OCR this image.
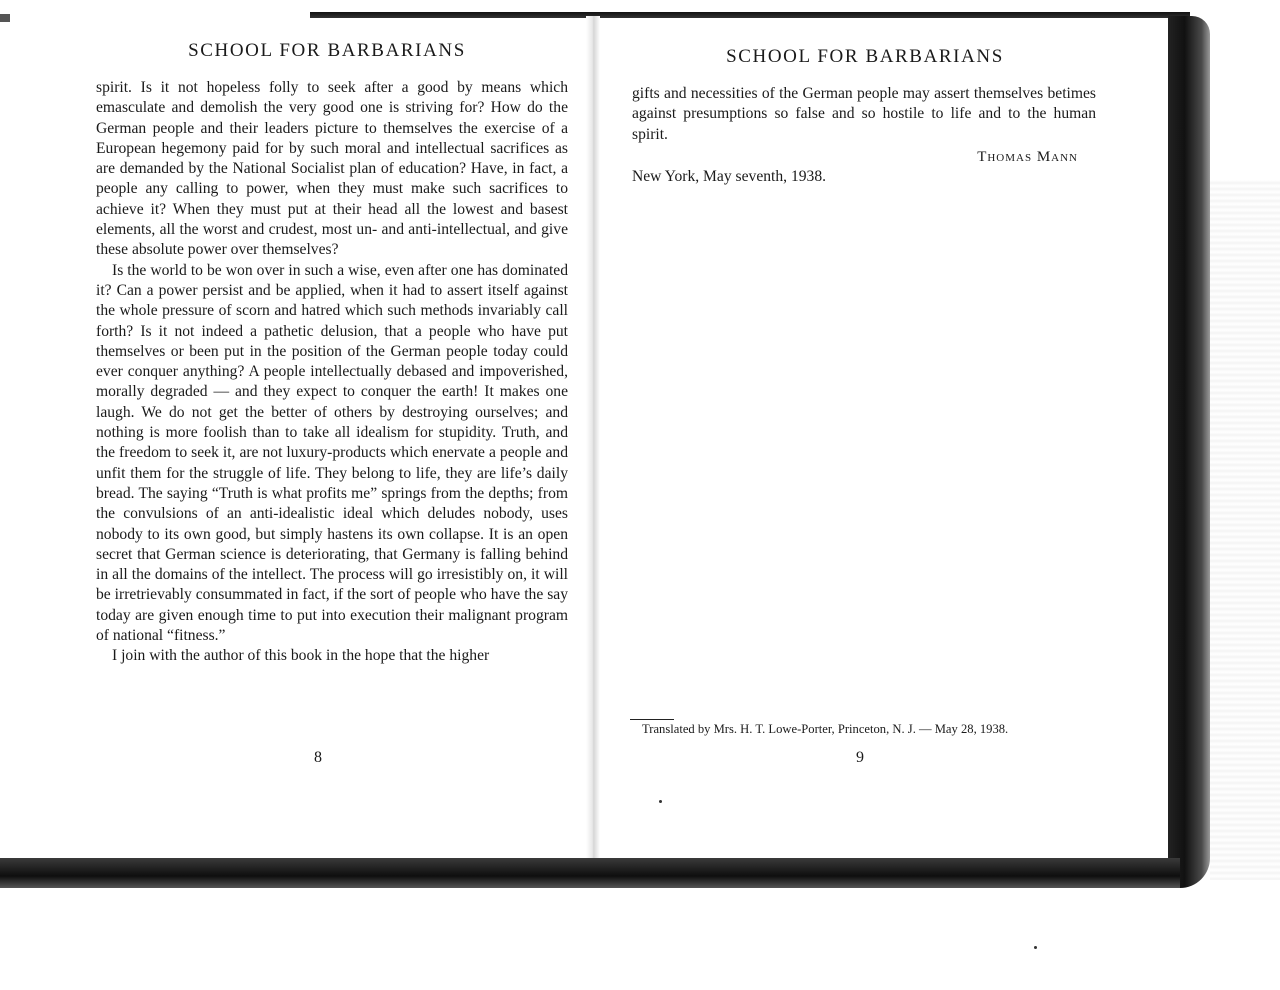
SCHOOL FOR BARBARIANS

spirit. Is it not hopeless folly to seek after a good by means which emasculate and demolish the very good one is striving for? How do the German people and their leaders picture to themselves the exercise of a European hegemony paid for by such moral and intellectual sacrifices as are demanded by the National Socialist plan of education? Have, in fact, a people any calling to power, when they must make such sacrifices to achieve it? When they must put at their head all the lowest and basest elements, all the worst and crudest, most un- and anti-intellectual, and give these absolute power over themselves?

Is the world to be won over in such a wise, even after one has dominated it? Can a power persist and be applied, when it had to assert itself against the whole pressure of scorn and hatred which such methods invariably call forth? Is it not indeed a pathetic delusion, that a people who have put themselves or been put in the position of the German people today could ever conquer anything? A people intellectually debased and impoverished, morally degraded — and they expect to conquer the earth! It makes one laugh. We do not get the better of others by destroying ourselves; and nothing is more foolish than to take all idealism for stupidity. Truth, and the freedom to seek it, are not luxury-products which enervate a people and unfit them for the struggle of life. They belong to life, they are life’s daily bread. The saying “Truth is what profits me” springs from the depths; from the convulsions of an anti-idealistic ideal which deludes nobody, uses nobody to its own good, but simply hastens its own collapse. It is an open secret that German science is deteriorating, that Germany is falling behind in all the domains of the intellect. The process will go irresistibly on, it will be irretrievably consummated in fact, if the sort of people who have the say today are given enough time to put into execution their malignant program of national “fitness.”

I join with the author of this book in the hope that the higher

8
SCHOOL FOR BARBARIANS

gifts and necessities of the German people may assert themselves betimes against presumptions so false and so hostile to life and to the human spirit.

Thomas Mann
New York, May seventh, 1938.
Translated by Mrs. H. T. Lowe-Porter, Princeton, N. J. — May 28, 1938.
9
